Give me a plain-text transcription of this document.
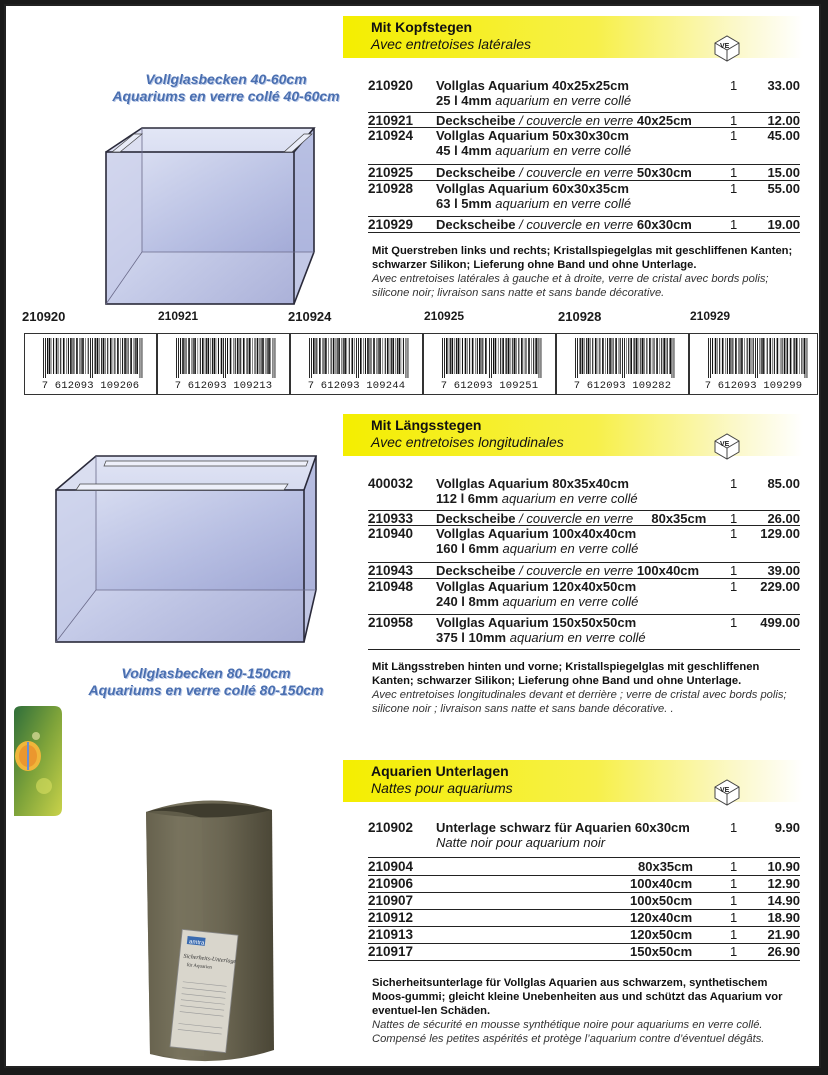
Mit Kopfstegen
Avec entretoises latérales	VE
Vollglasbecken 40-60cm
Aquariums en verre collé 40-60cm
210920 Vollglas Aquarium 40x25x25cm	1 33.00
25 l 4mm aquarium en verre collé
210921 Deckscheibe / couvercle en verre 40x25cm	1 12.00
210924 Vollglas Aquarium 50x30x30cm	1 45.00
45 l 4mm aquarium en verre collé
210925 Deckscheibe / couvercle en verre 50x30cm	1 15.00
210928 Vollglas Aquarium 60x30x35cm	1 55.00
63 l 5mm aquarium en verre collé
210929 Deckscheibe / couvercle en verre 60x30cm	1 19.00
Mit Querstreben links und rechts; Kristallspiegelglas mit geschliffenen Kanten; schwarzer Silikon; Lieferung ohne Band und ohne Unterlage.
Avec entretoises latérales à gauche et à droite, verre de cristal avec bords polis; silicone noir; livraison sans natte et sans bande décorative.
210920	210921	210924	210925	210928	210929
7 612093 109206	7 612093 109213	7 612093 109244	7 612093 109251	7 612093 109282	7 612093 109299
Mit Längsstegen
Avec entretoises longitudinales	VE
Vollglasbecken 80-150cm
Aquariums en verre collé 80-150cm
400032 Vollglas Aquarium 80x35x40cm	1 85.00
112 l 6mm aquarium en verre collé
210933 Deckscheibe / couvercle en verre 80x35cm 1 26.00
210940 Vollglas Aquarium 100x40x40cm	1 129.00
160 l 6mm aquarium en verre collé
210943 Deckscheibe / couvercle en verre 100x40cm 1 39.00
210948 Vollglas Aquarium 120x40x50cm	1 229.00
240 l 8mm aquarium en verre collé
210958 Vollglas Aquarium 150x50x50cm	1 499.00
375 l 10mm aquarium en verre collé
Mit Längsstreben hinten und vorne; Kristallspiegelglas mit geschliffenen Kanten; schwarzer Silikon; Lieferung ohne Band und ohne Unterlage.
Avec entretoises longitudinales devant et derrière ; verre de cristal avec bords polis; silicone noir ; livraison sans natte et sans bande décorative. .
Aquarien Unterlagen
Nattes pour aquariums	VE
amtra
Sicherheits-Unterlage
für Aquarien
210902 Unterlage schwarz für Aquarien 60x30cm	1	9.90
Natte noir pour aquarium noir
210904	80x35cm	1 10.90
210906	100x40cm	1 12.90
210907	100x50cm	1 14.90
210912	120x40cm	1 18.90
210913	120x50cm	1 21.90
210917	150x50cm	1 26.90
Sicherheitsunterlage für Vollglas Aquarien aus schwarzem, synthetischem Moos-gummi; gleicht kleine Unebenheiten aus und schützt das Aquarium vor eventuel-len Schäden.
Nattes de sécurité en mousse synthétique noire pour aquariums en verre collé. Compensé les petites aspérités et protège l’aquarium contre d’éventuel dégâts.
